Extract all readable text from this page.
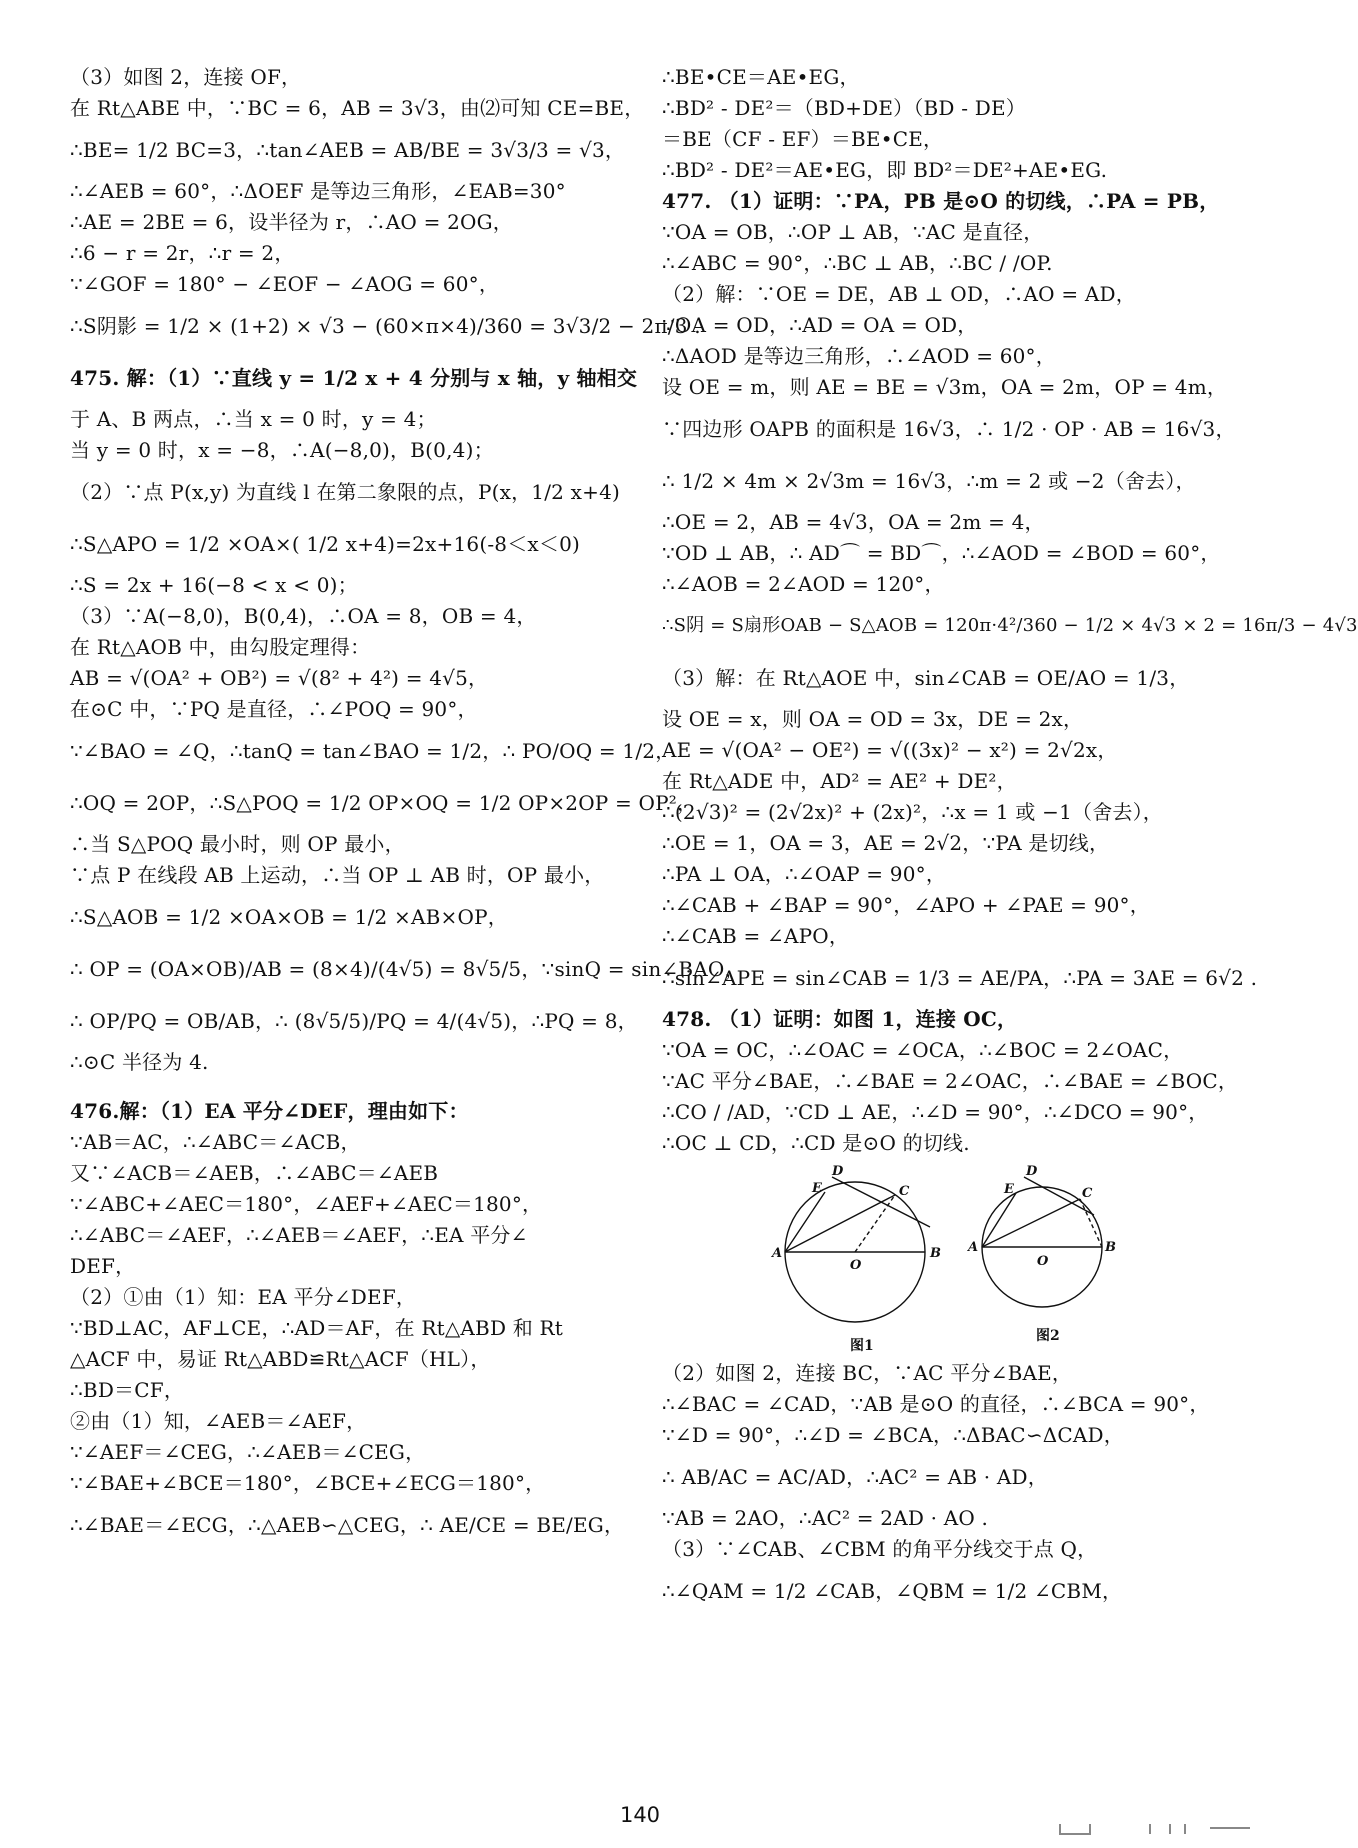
（3）如图 2，连接 OF，
在 Rt△ABE 中，∵BC = 6，AB = 3√3，由⑵可知 CE=BE，
∴BE= 1/2 BC=3，∴tan∠AEB = AB/BE = 3√3/3 = √3，
∴∠AEB = 60°，∴ΔOEF 是等边三角形，∠EAB=30°
∴AE = 2BE = 6，设半径为 r，∴AO = 2OG，
∴6 − r = 2r，∴r = 2，
∵∠GOF = 180° − ∠EOF − ∠AOG = 60°，
∴S阴影 = 1/2 × (1+2) × √3 − (60×π×4)/360 = 3√3/2 − 2π/3 .
475. 解：（1）∵直线 y = 1/2 x + 4 分别与 x 轴，y 轴相交
于 A、B 两点，∴当 x = 0 时，y = 4；
当 y = 0 时，x = −8，∴A(−8,0)，B(0,4)；
（2）∵点 P(x,y) 为直线 l 在第二象限的点，P(x，1/2 x+4)
∴S△APO = 1/2 ×OA×( 1/2 x+4)=2x+16(-8＜x＜0)
∴S = 2x + 16(−8 < x < 0)；
（3）∵A(−8,0)，B(0,4)，∴OA = 8，OB = 4，
在 Rt△AOB 中，由勾股定理得：
AB = √(OA² + OB²) = √(8² + 4²) = 4√5，
在⊙C 中，∵PQ 是直径，∴∠POQ = 90°，
∵∠BAO = ∠Q，∴tanQ = tan∠BAO = 1/2，∴ PO/OQ = 1/2，
∴OQ = 2OP，∴S△POQ = 1/2 OP×OQ = 1/2 OP×2OP = OP²，
∴当 S△POQ 最小时，则 OP 最小，
∵点 P 在线段 AB 上运动，∴当 OP ⊥ AB 时，OP 最小，
∴S△AOB = 1/2 ×OA×OB = 1/2 ×AB×OP，
∴ OP = (OA×OB)/AB = (8×4)/(4√5) = 8√5/5，∵sinQ = sin∠BAO，
∴ OP/PQ = OB/AB，∴ (8√5/5)/PQ = 4/(4√5)，∴PQ = 8，
∴⊙C 半径为 4.
476.解：（1）EA 平分∠DEF，理由如下：
∵AB＝AC，∴∠ABC＝∠ACB，
又∵∠ACB＝∠AEB，∴∠ABC＝∠AEB
∵∠ABC+∠AEC＝180°，∠AEF+∠AEC＝180°，
∴∠ABC＝∠AEF，∴∠AEB＝∠AEF，∴EA 平分∠
DEF，
（2）①由（1）知：EA 平分∠DEF，
∵BD⊥AC，AF⊥CE，∴AD＝AF，在 Rt△ABD 和 Rt
△ACF 中，易证 Rt△ABD≌Rt△ACF（HL），
∴BD＝CF，
②由（1）知，∠AEB＝∠AEF，
∵∠AEF＝∠CEG，∴∠AEB＝∠CEG，
∵∠BAE+∠BCE＝180°，∠BCE+∠ECG＝180°，
∴∠BAE＝∠ECG，∴△AEB∽△CEG，∴ AE/CE = BE/EG，
∴BE•CE＝AE•EG，
∴BD² - DE²＝（BD+DE）（BD - DE）
＝BE（CF - EF）＝BE•CE，
∴BD² - DE²＝AE•EG，即 BD²＝DE²+AE•EG.
477. （1）证明：∵PA，PB 是⊙O 的切线，∴PA = PB，
∵OA = OB，∴OP ⊥ AB，∵AC 是直径，
∴∠ABC = 90°，∴BC ⊥ AB，∴BC / /OP.
（2）解：∵OE = DE，AB ⊥ OD，∴AO = AD，
∵OA = OD，∴AD = OA = OD，
∴ΔAOD 是等边三角形，∴∠AOD = 60°，
设 OE = m，则 AE = BE = √3m，OA = 2m，OP = 4m，
∵四边形 OAPB 的面积是 16√3，∴ 1/2 · OP · AB = 16√3，
∴ 1/2 × 4m × 2√3m = 16√3，∴m = 2 或 −2（舍去），
∴OE = 2，AB = 4√3，OA = 2m = 4，
∵OD ⊥ AB，∴ AD⌒ = BD⌒，∴∠AOD = ∠BOD = 60°，
∴∠AOB = 2∠AOD = 120°，
∴S阴 = S扇形OAB − S△AOB = 120π·4²/360 − 1/2 × 4√3 × 2 = 16π/3 − 4√3
（3）解：在 Rt△AOE 中，sin∠CAB = OE/AO = 1/3，
设 OE = x，则 OA = OD = 3x，DE = 2x，
AE = √(OA² − OE²) = √((3x)² − x²) = 2√2x，
在 Rt△ADE 中，AD² = AE² + DE²，
∴(2√3)² = (2√2x)² + (2x)²，∴x = 1 或 −1（舍去），
∴OE = 1，OA = 3，AE = 2√2，∵PA 是切线，
∴PA ⊥ OA，∴∠OAP = 90°，
∴∠CAB + ∠BAP = 90°，∠APO + ∠PAE = 90°，
∴∠CAB = ∠APO，
∴sin∠APE = sin∠CAB = 1/3 = AE/PA，∴PA = 3AE = 6√2 .
478. （1）证明：如图 1，连接 OC，
∵OA = OC，∴∠OAC = ∠OCA，∴∠BOC = 2∠OAC，
∵AC 平分∠BAE，∴∠BAE = 2∠OAC，∴∠BAE = ∠BOC，
∴CO / /AD，∵CD ⊥ AE，∴∠D = 90°，∴∠DCO = 90°，
∴OC ⊥ CD，∴CD 是⊙O 的切线.
A	B
C
D
E
O
图1
A	B
C
D
E
O
图2
（2）如图 2，连接 BC，∵AC 平分∠BAE，
∴∠BAC = ∠CAD，∵AB 是⊙O 的直径，∴∠BCA = 90°，
∵∠D = 90°，∴∠D = ∠BCA，∴ΔBAC∽ΔCAD，
∴ AB/AC = AC/AD，∴AC² = AB · AD，
∵AB = 2AO，∴AC² = 2AD · AO .
（3）∵∠CAB、∠CBM 的角平分线交于点 Q，
∴∠QAM = 1/2 ∠CAB，∠QBM = 1/2 ∠CBM，
140
